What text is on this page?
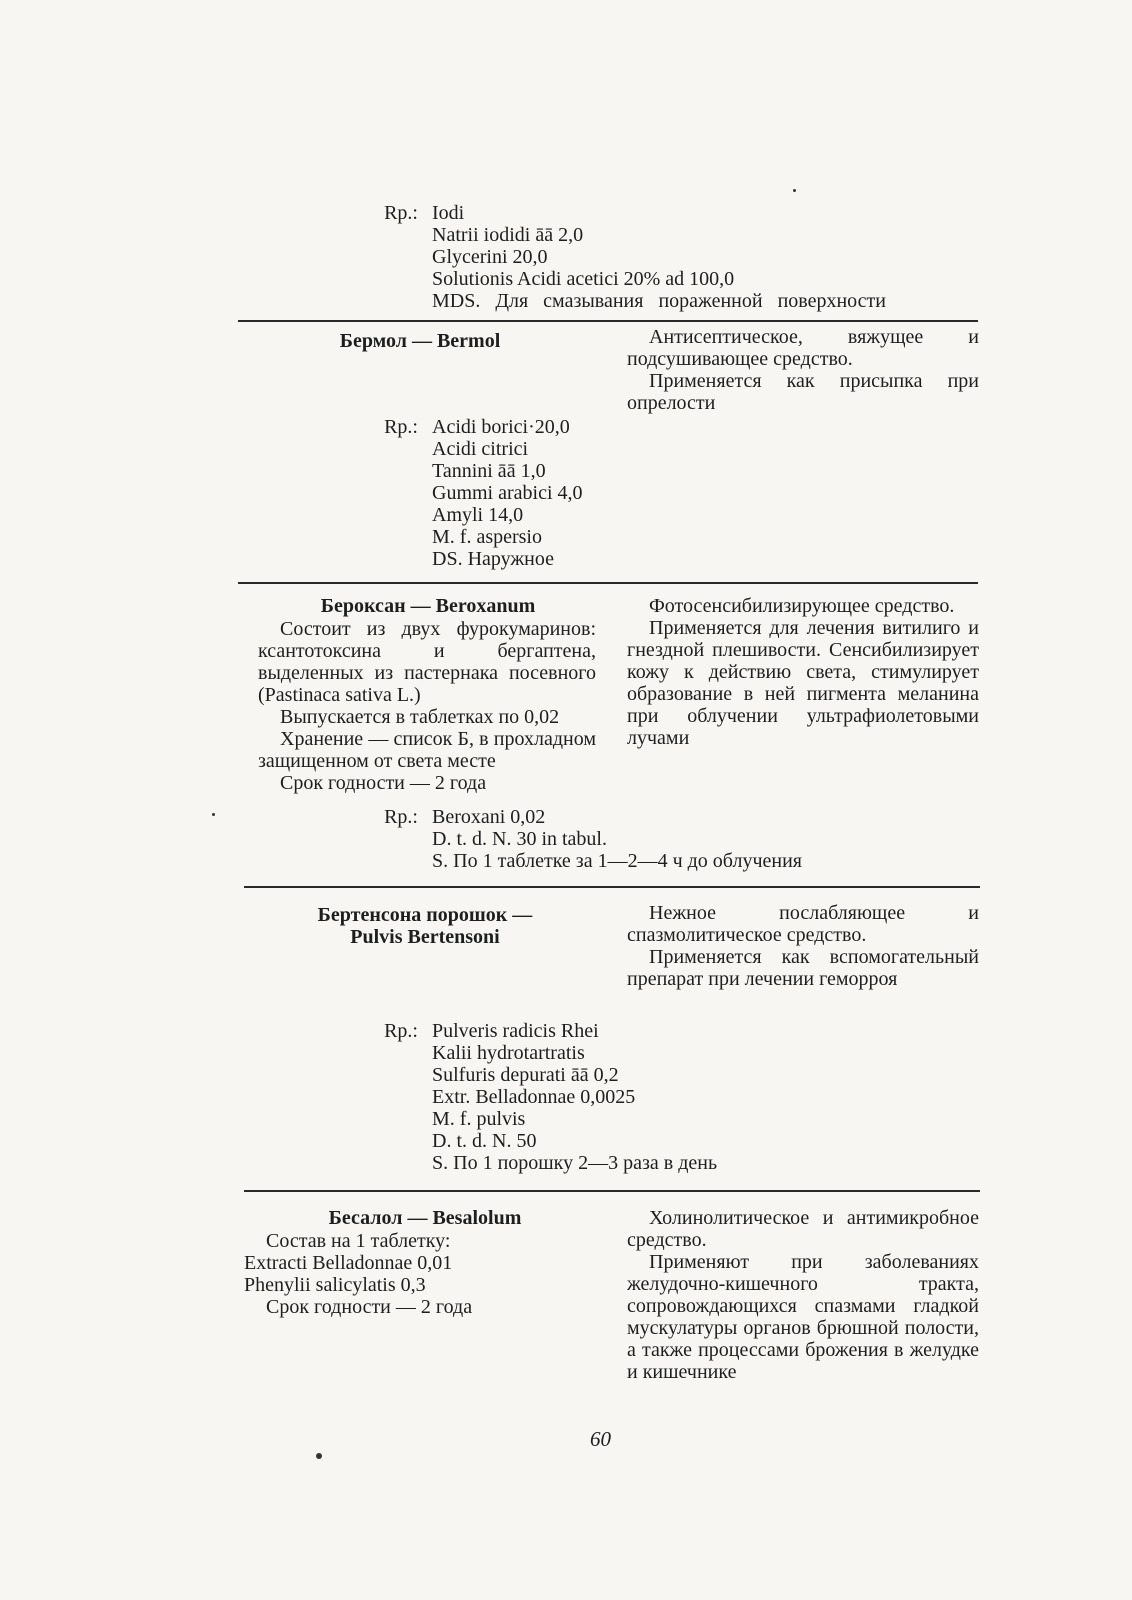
Rp.: Iodi
Natrii iodidi āā 2,0
Glycerini 20,0
Solutionis Acidi acetici 20% ad 100,0
MDS. Для смазывания пораженной поверхности
Бермол — Bermol	Антисептическое, вяжущее и подсушивающее средство.
Применяется как присыпка при опрелости
Rp.: Acidi borici·20,0
Acidi citrici
Tannini āā 1,0
Gummi arabici 4,0
Amyli 14,0
M. f. aspersio
DS. Наружное
Бероксан — Beroxanum
Состоит из двух фурокумаринов: ксантотоксина и бергаптена, выделенных из пастернака посевного (Pastinaca sativa L.)
Выпускается в таблетках по 0,02
Хранение — список Б, в прохладном защищенном от света месте
Срок годности — 2 года
Фотосенсибилизирующее средство.
Применяется для лечения витилиго и гнездной плешивости. Сенсибилизирует кожу к действию света, стимулирует образование в ней пигмента меланина при облучении ультрафиолетовыми лучами
Rp.: Beroxani 0,02
D. t. d. N. 30 in tabul.
S. По 1 таблетке за 1—2—4 ч до облучения
Бертенсона порошок —
Pulvis Bertensoni
Нежное послабляющее и спазмолитическое средство.
Применяется как вспомогательный препарат при лечении геморроя
Rp.: Pulveris radicis Rhei
Kalii hydrotartratis
Sulfuris depurati āā 0,2
Extr. Belladonnae 0,0025
M. f. pulvis
D. t. d. N. 50
S. По 1 порошку 2—3 раза в день
Бесалол — Besalolum
Состав на 1 таблетку:
Extracti Belladonnae 0,01
Phenylii salicylatis 0,3
Срок годности — 2 года
Холинолитическое и антимикробное средство.
Применяют при заболеваниях желудочно-кишечного тракта, сопровождающихся спазмами гладкой мускулатуры органов брюшной полости, а также процессами брожения в желудке и кишечнике
60
